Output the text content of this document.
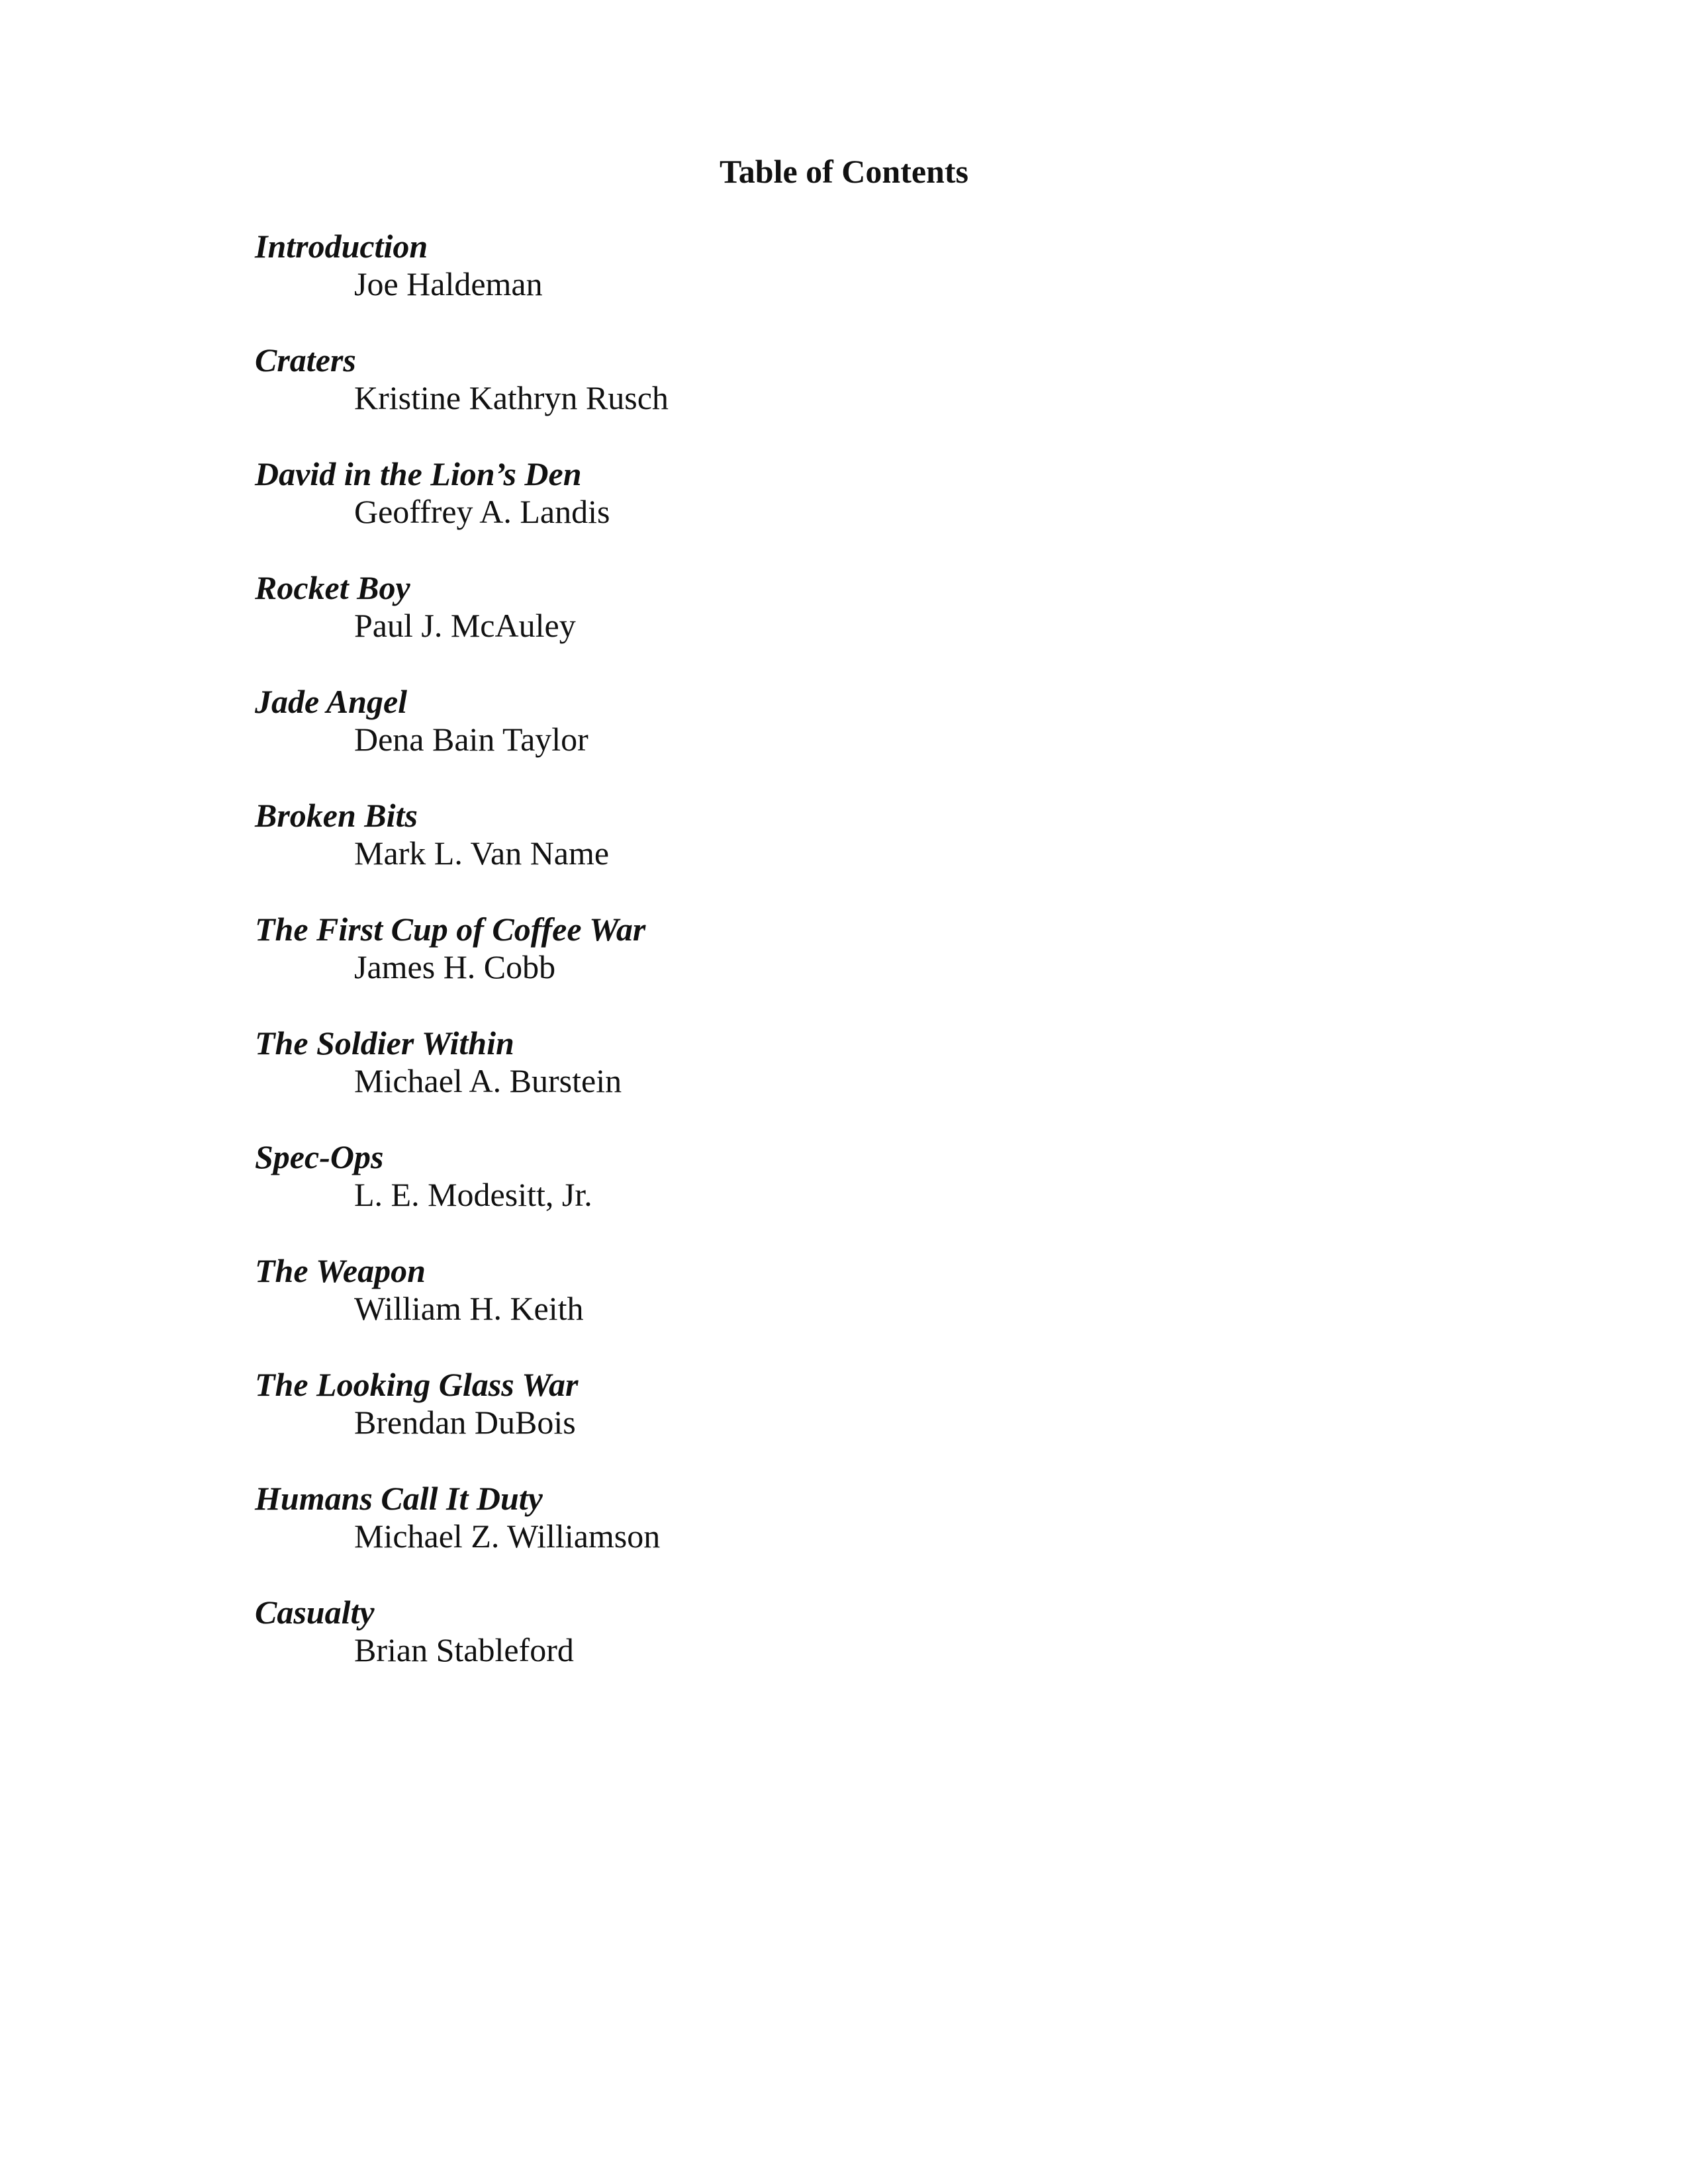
Table of Contents
Introduction
Joe Haldeman
Craters
Kristine Kathryn Rusch
David in the Lion’s Den
Geoffrey A. Landis
Rocket Boy
Paul J. McAuley
Jade Angel
Dena Bain Taylor
Broken Bits
Mark L. Van Name
The First Cup of Coffee War
James H. Cobb
The Soldier Within
Michael A. Burstein
Spec-Ops
L. E. Modesitt, Jr.
The Weapon
William H. Keith
The Looking Glass War
Brendan DuBois
Humans Call It Duty
Michael Z. Williamson
Casualty
Brian Stableford
